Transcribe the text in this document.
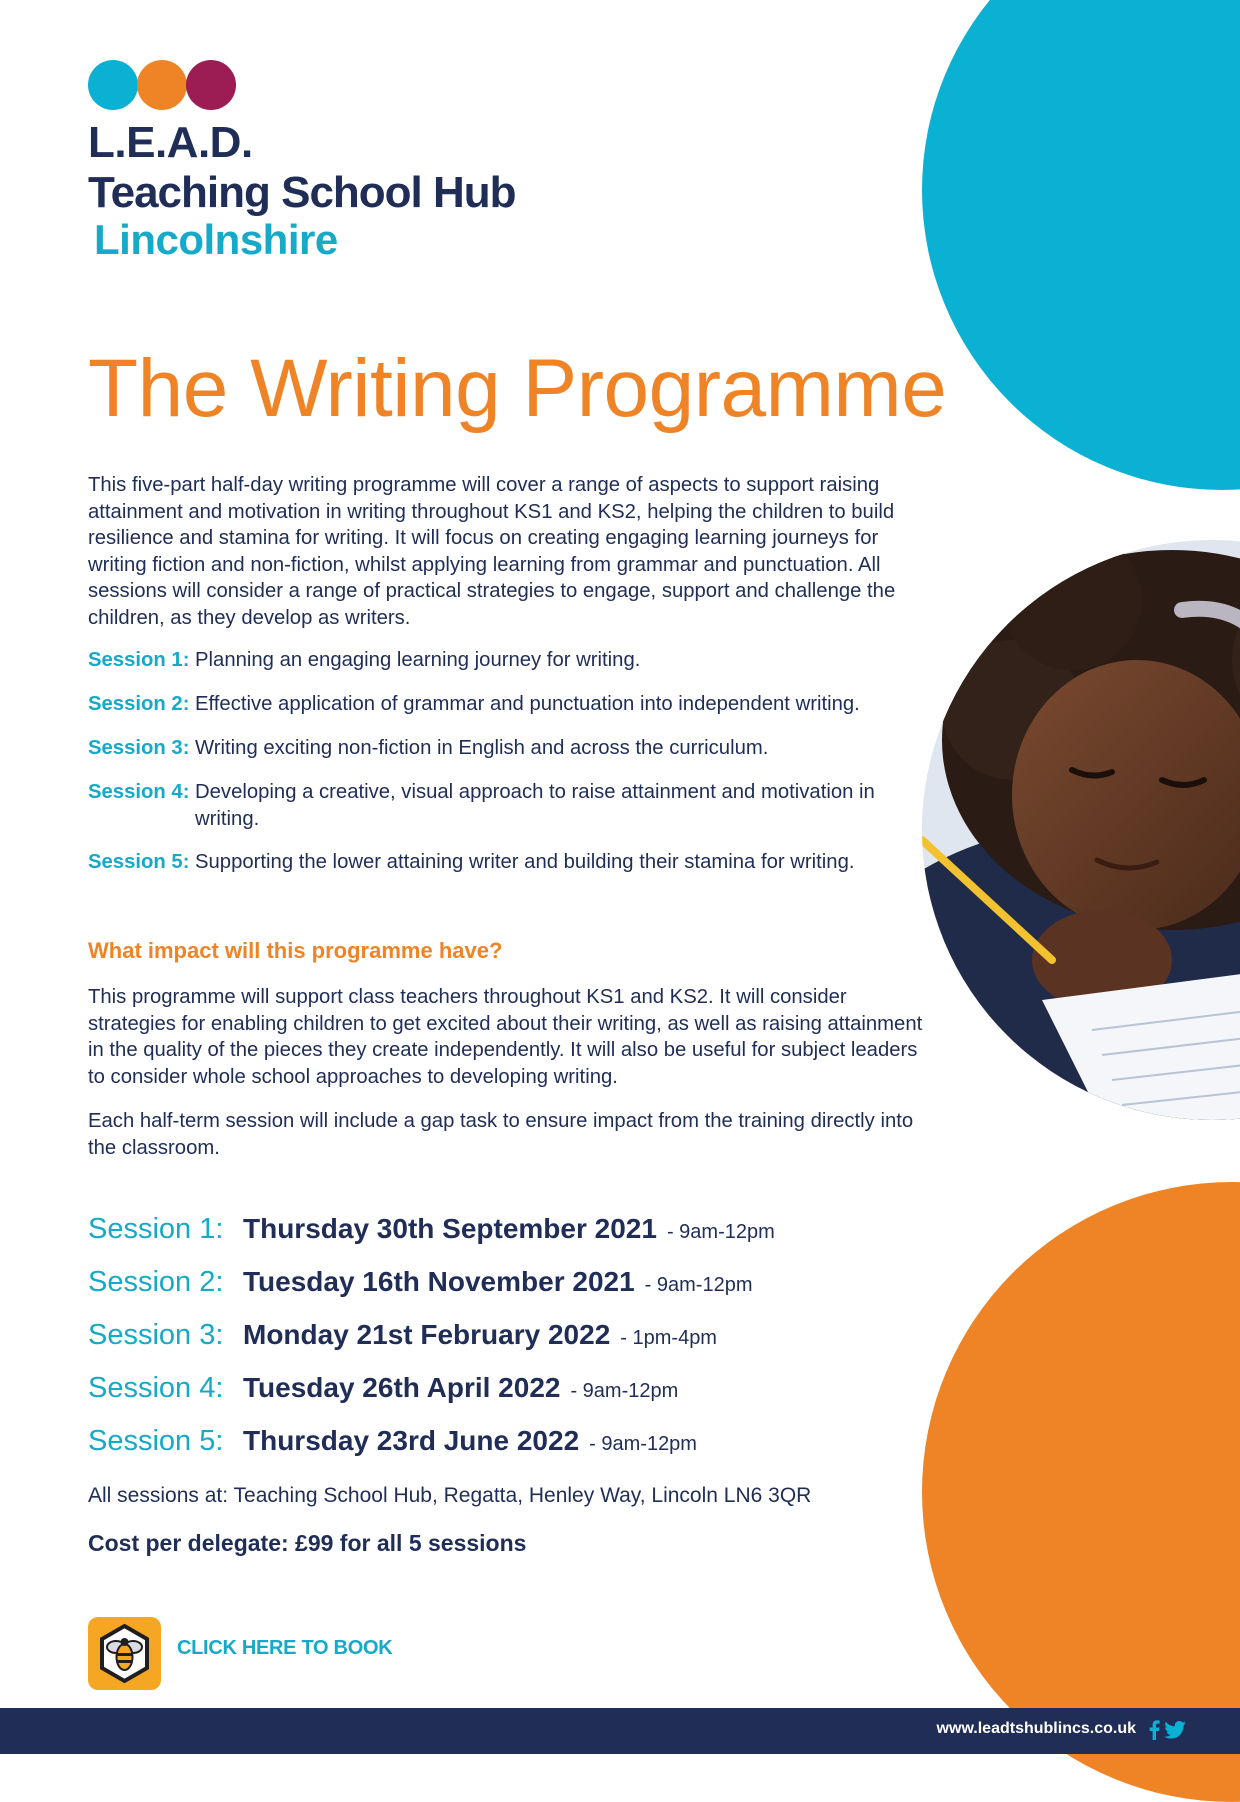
L.E.A.D.
Teaching School Hub
Lincolnshire
The Writing Programme

This five-part half-day writing programme will cover a range of aspects to support raising attainment and motivation in writing throughout KS1 and KS2, helping the children to build resilience and stamina for writing. It will focus on creating engaging learning journeys for writing fiction and non-fiction, whilst applying learning from grammar and punctuation. All sessions will consider a range of practical strategies to engage, support and challenge the children, as they develop as writers.

Session 1: Planning an engaging learning journey for writing.
Session 2: Effective application of grammar and punctuation into independent writing.
Session 3: Writing exciting non-fiction in English and across the curriculum.
Session 4: Developing a creative, visual approach to raise attainment and motivation in writing.
Session 5: Supporting the lower attaining writer and building their stamina for writing.
What impact will this programme have?

This programme will support class teachers throughout KS1 and KS2. It will consider strategies for enabling children to get excited about their writing, as well as raising attainment in the quality of the pieces they create independently. It will also be useful for subject leaders to consider whole school approaches to developing writing.

Each half-term session will include a gap task to ensure impact from the training directly into the classroom.

Session 1: Thursday 30th September 2021 - 9am-12pm
Session 2: Tuesday 16th November 2021 - 9am-12pm
Session 3: Monday 21st February 2022 - 1pm-4pm
Session 4: Tuesday 26th April 2022 - 9am-12pm
Session 5: Thursday 23rd June 2022 - 9am-12pm
All sessions at: Teaching School Hub, Regatta, Henley Way, Lincoln LN6 3QR
Cost per delegate: £99 for all 5 sessions
CLICK HERE TO BOOK
www.leadtshublincs.co.uk
